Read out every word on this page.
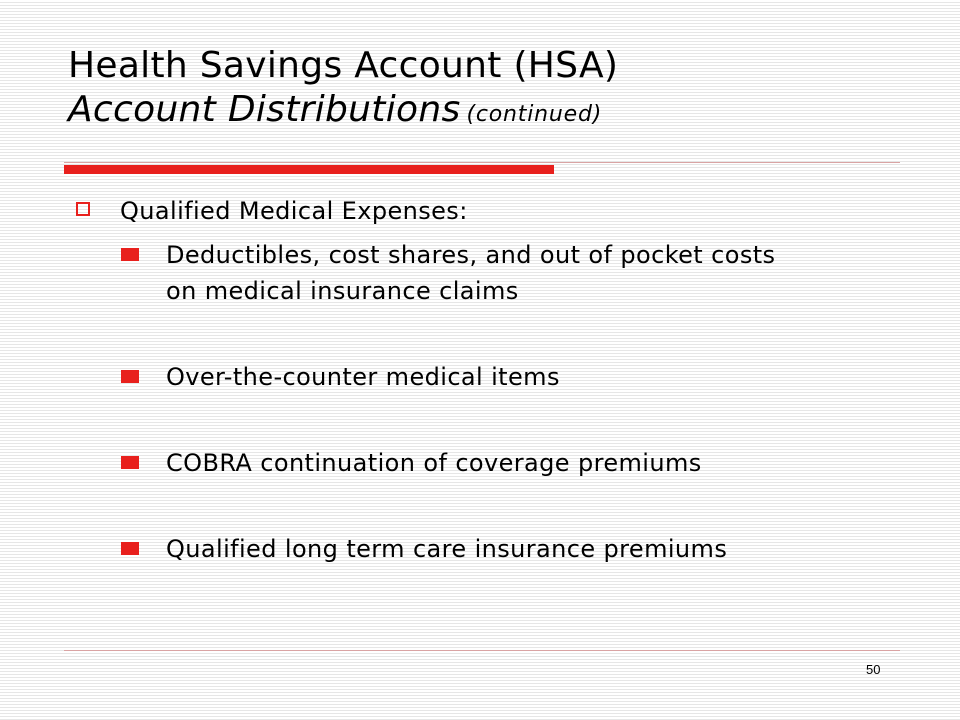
Health Savings Account (HSA)
Account Distributions (continued)
Qualified Medical Expenses:
Deductibles, cost shares, and out of pocket costs on medical insurance claims
Over-the-counter medical items
COBRA continuation of coverage premiums
Qualified long term care insurance premiums
50
